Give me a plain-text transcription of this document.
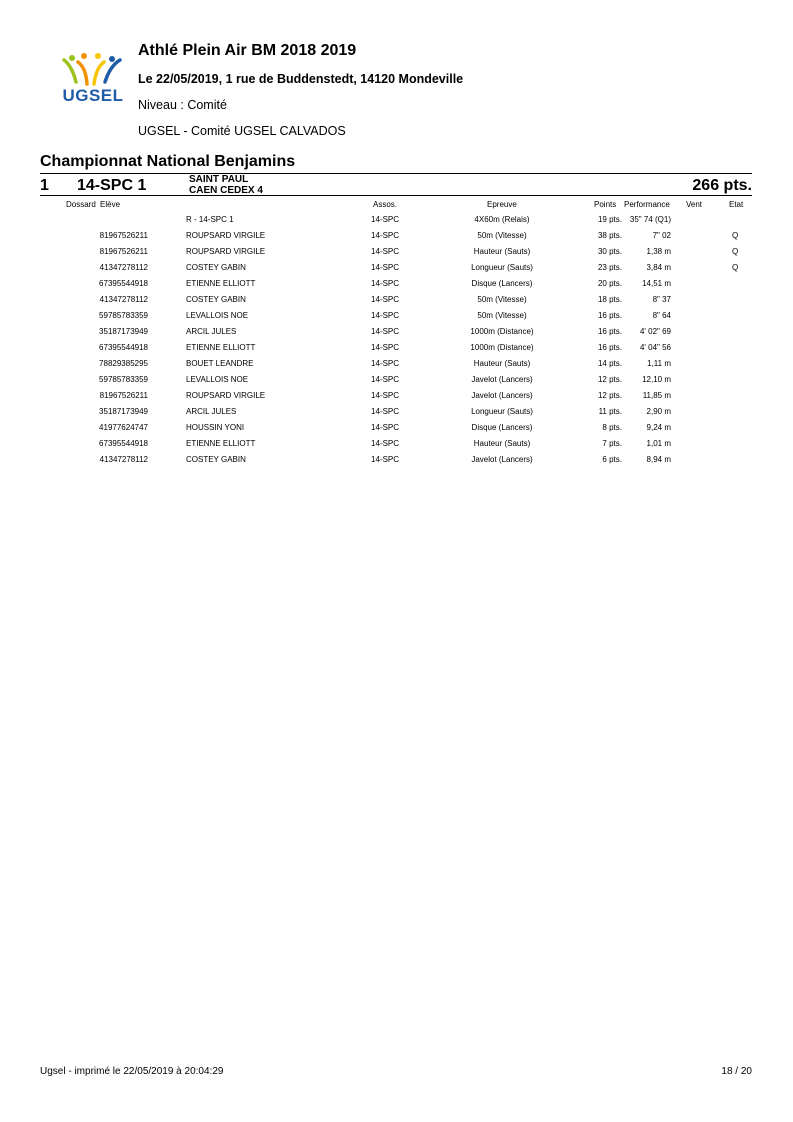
UGSEL
Athlé Plein Air BM 2018 2019
Le 22/05/2019, 1 rue de Buddenstedt, 14120 Mondeville
Niveau : Comité
UGSEL - Comité UGSEL CALVADOS
Championnat National Benjamins
1 14-SPC 1	SAINT PAUL
CAEN CEDEX 4	266 pts.
Dossard Elève	Assos.	Epreuve	Points Performance Vent	Etat
R - 14-SPC 1	14-SPC	4X60m (Relais)	19 pts. 35" 74 (Q1)
81967526211	ROUPSARD VIRGILE	14-SPC	50m (Vitesse)	38 pts.	7" 02	Q
81967526211	ROUPSARD VIRGILE	14-SPC	Hauteur (Sauts)	30 pts.	1,38 m	Q
41347278112	COSTEY GABIN	14-SPC	Longueur (Sauts)	23 pts.	3,84 m	Q
67395544918	ETIENNE ELLIOTT	14-SPC	Disque (Lancers)	20 pts.	14,51 m
41347278112	COSTEY GABIN	14-SPC	50m (Vitesse)	18 pts.	8" 37
59785783359	LEVALLOIS NOE	14-SPC	50m (Vitesse)	16 pts.	8" 64
35187173949	ARCIL JULES	14-SPC	1000m (Distance)	16 pts. 4' 02" 69
67395544918	ETIENNE ELLIOTT	14-SPC	1000m (Distance)	16 pts. 4' 04" 56
78829385295	BOUET LEANDRE	14-SPC	Hauteur (Sauts)	14 pts.	1,11 m
59785783359	LEVALLOIS NOE	14-SPC	Javelot (Lancers)	12 pts.	12,10 m
81967526211	ROUPSARD VIRGILE	14-SPC	Javelot (Lancers)	12 pts.	11,85 m
35187173949	ARCIL JULES	14-SPC	Longueur (Sauts)	11 pts.	2,90 m
41977624747	HOUSSIN YONI	14-SPC	Disque (Lancers)	8 pts.	9,24 m
67395544918	ETIENNE ELLIOTT	14-SPC	Hauteur (Sauts)	7 pts.	1,01 m
41347278112	COSTEY GABIN	14-SPC	Javelot (Lancers)	6 pts.	8,94 m
Ugsel - imprimé le 22/05/2019 à 20:04:29	18 / 20
